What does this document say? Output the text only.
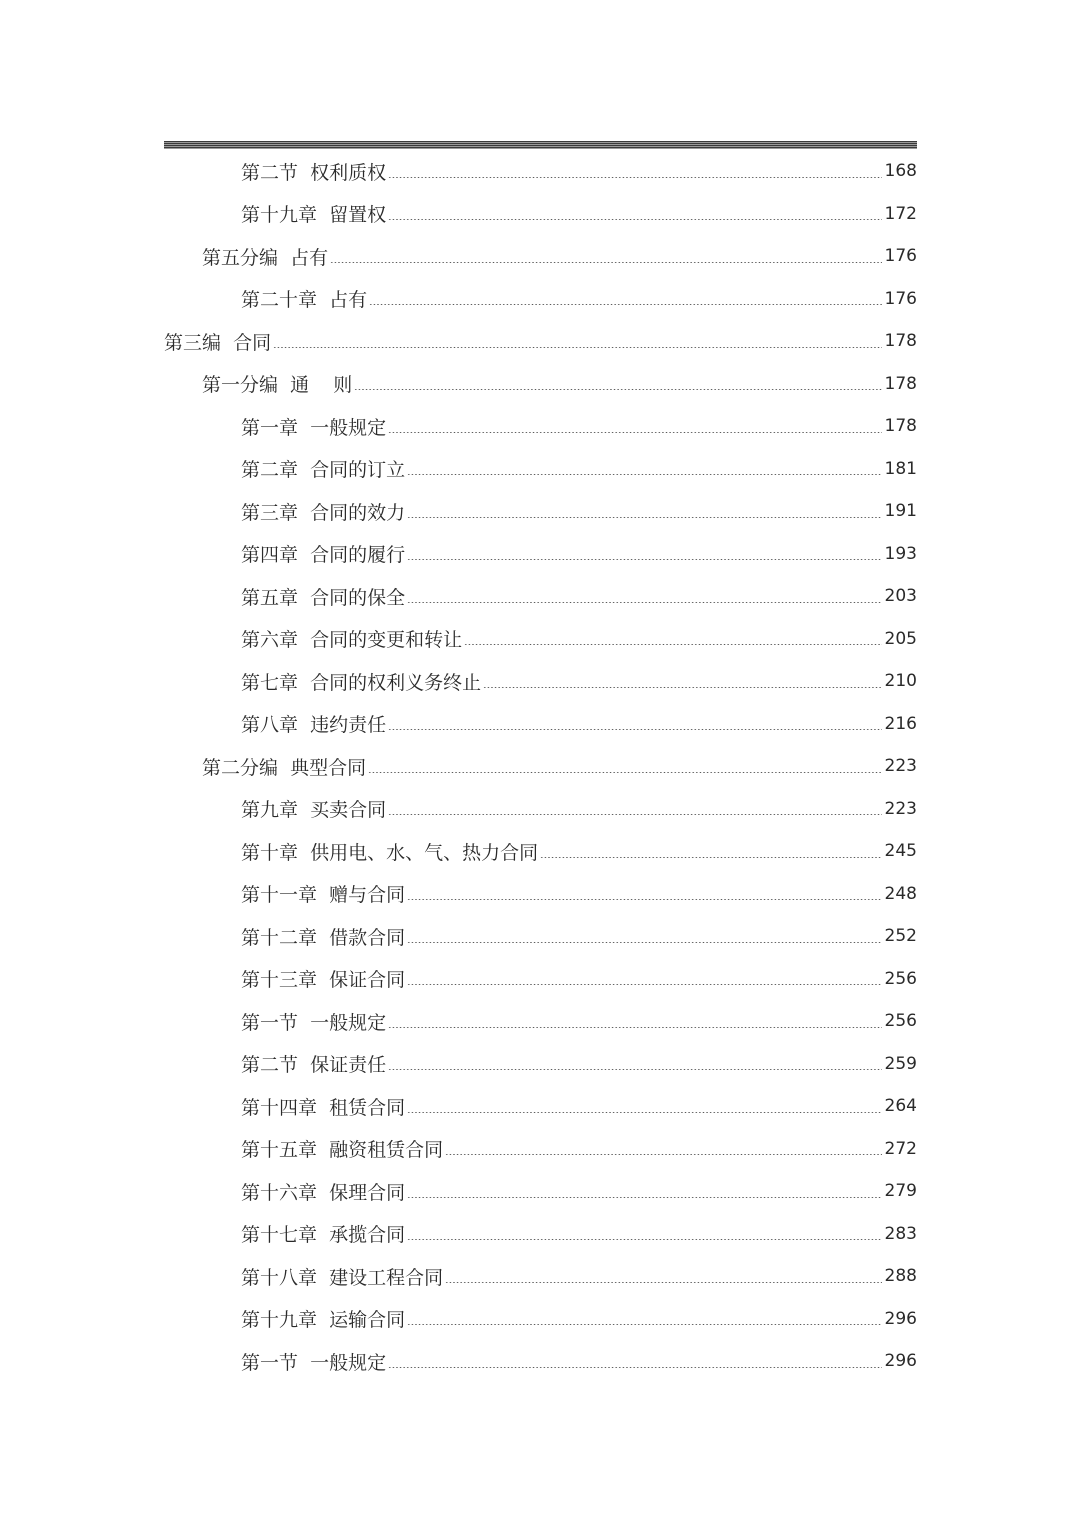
第二节  权利质权	168
第十九章  留置权	172
第五分编  占有	176
第二十章  占有	176
第三编  合同	178
第一分编  通    则	178
第一章  一般规定	178
第二章  合同的订立	181
第三章  合同的效力	191
第四章  合同的履行	193
第五章  合同的保全	203
第六章  合同的变更和转让	205
第七章  合同的权利义务终止	210
第八章  违约责任	216
第二分编  典型合同	223
第九章  买卖合同	223
第十章  供用电、水、气、热力合同	245
第十一章  赠与合同	248
第十二章  借款合同	252
第十三章  保证合同	256
第一节  一般规定	256
第二节  保证责任	259
第十四章  租赁合同	264
第十五章  融资租赁合同	272
第十六章  保理合同	279
第十七章  承揽合同	283
第十八章  建设工程合同	288
第十九章  运输合同	296
第一节  一般规定	296
